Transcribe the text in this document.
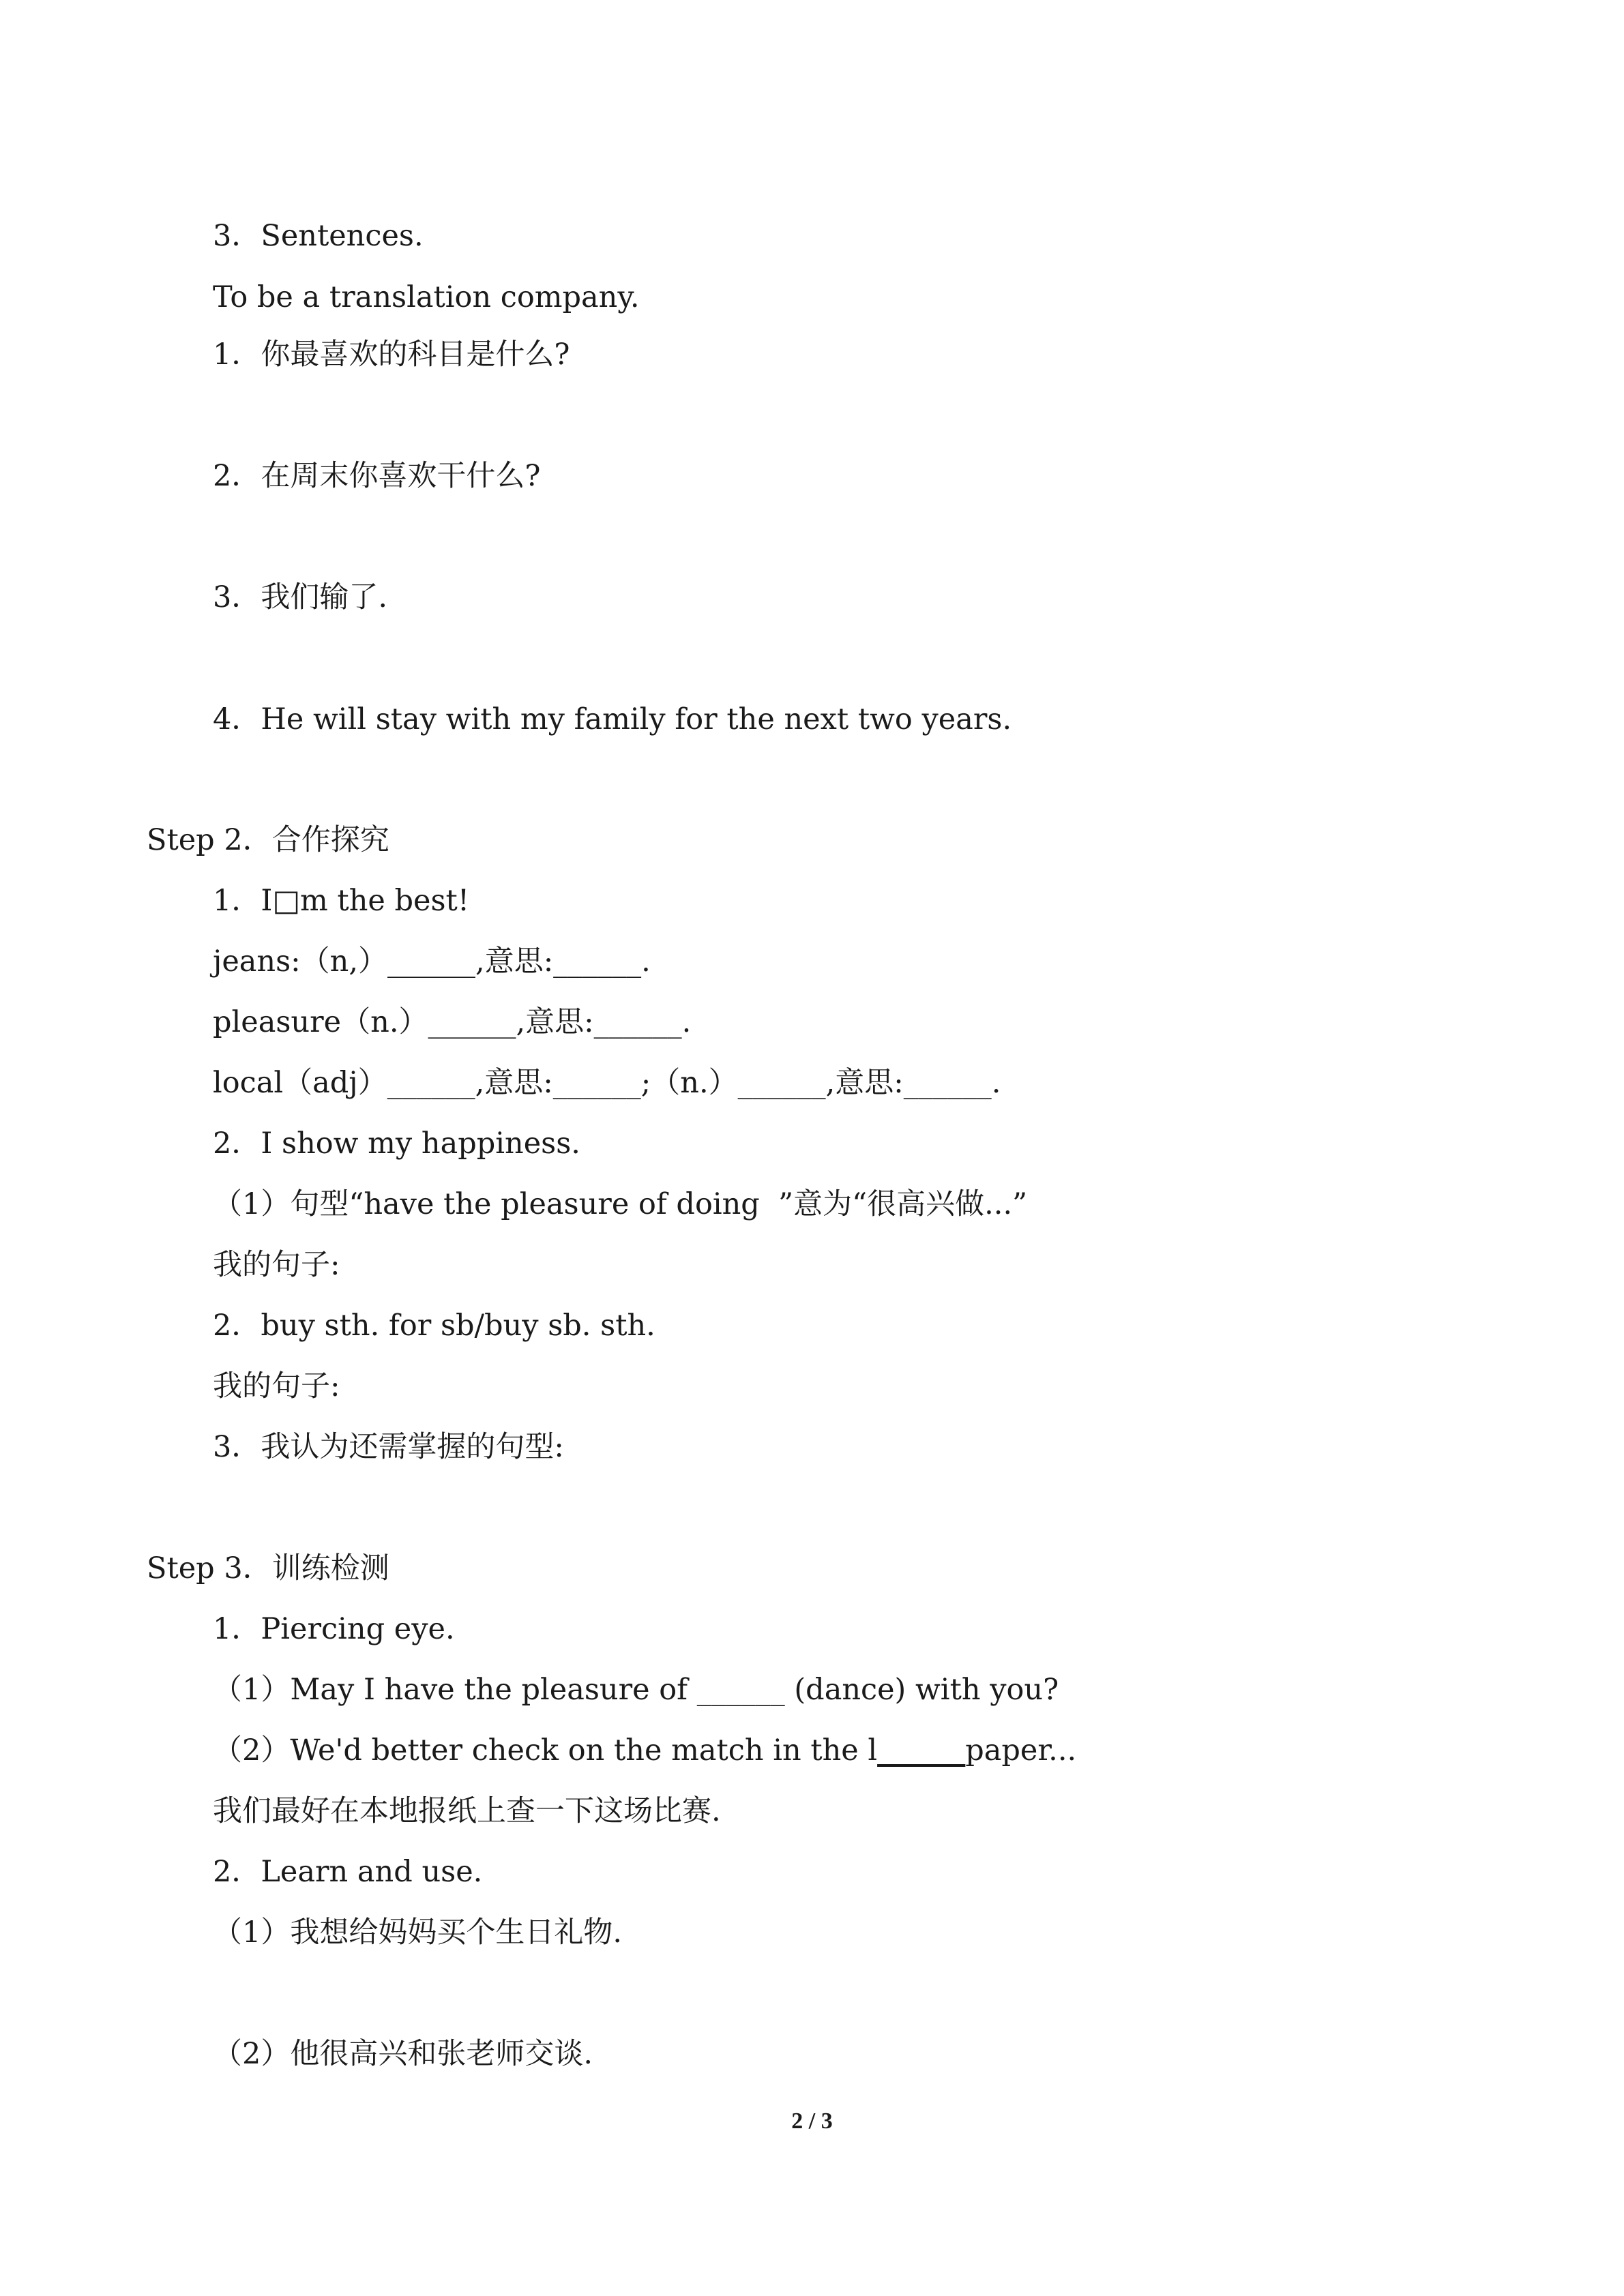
3．Sentences.

To be a translation company.

1．你最喜欢的科目是什么?

2．在周末你喜欢干什么?

3．我们输了.

4．He will stay with my family for the next two years.

Step 2．合作探究

1．I□m the best!

jeans:（n,）______,意思:______.

pleasure（n.）______,意思:______.

local（adj）______,意思:______;（n.）______,意思:______.

2．I show my happiness.

（1）句型“have the pleasure of doing  ”意为“很高兴做...”

我的句子:

2．buy sth. for sb/buy sb. sth.

我的句子:

3．我认为还需掌握的句型:

Step 3．训练检测

1．Piercing eye.

（1）May I have the pleasure of ______ (dance) with you?

（2）We'd better check on the match in the l______paper...

我们最好在本地报纸上查一下这场比赛.

2．Learn and use.

（1）我想给妈妈买个生日礼物.

（2）他很高兴和张老师交谈.

2 / 3
